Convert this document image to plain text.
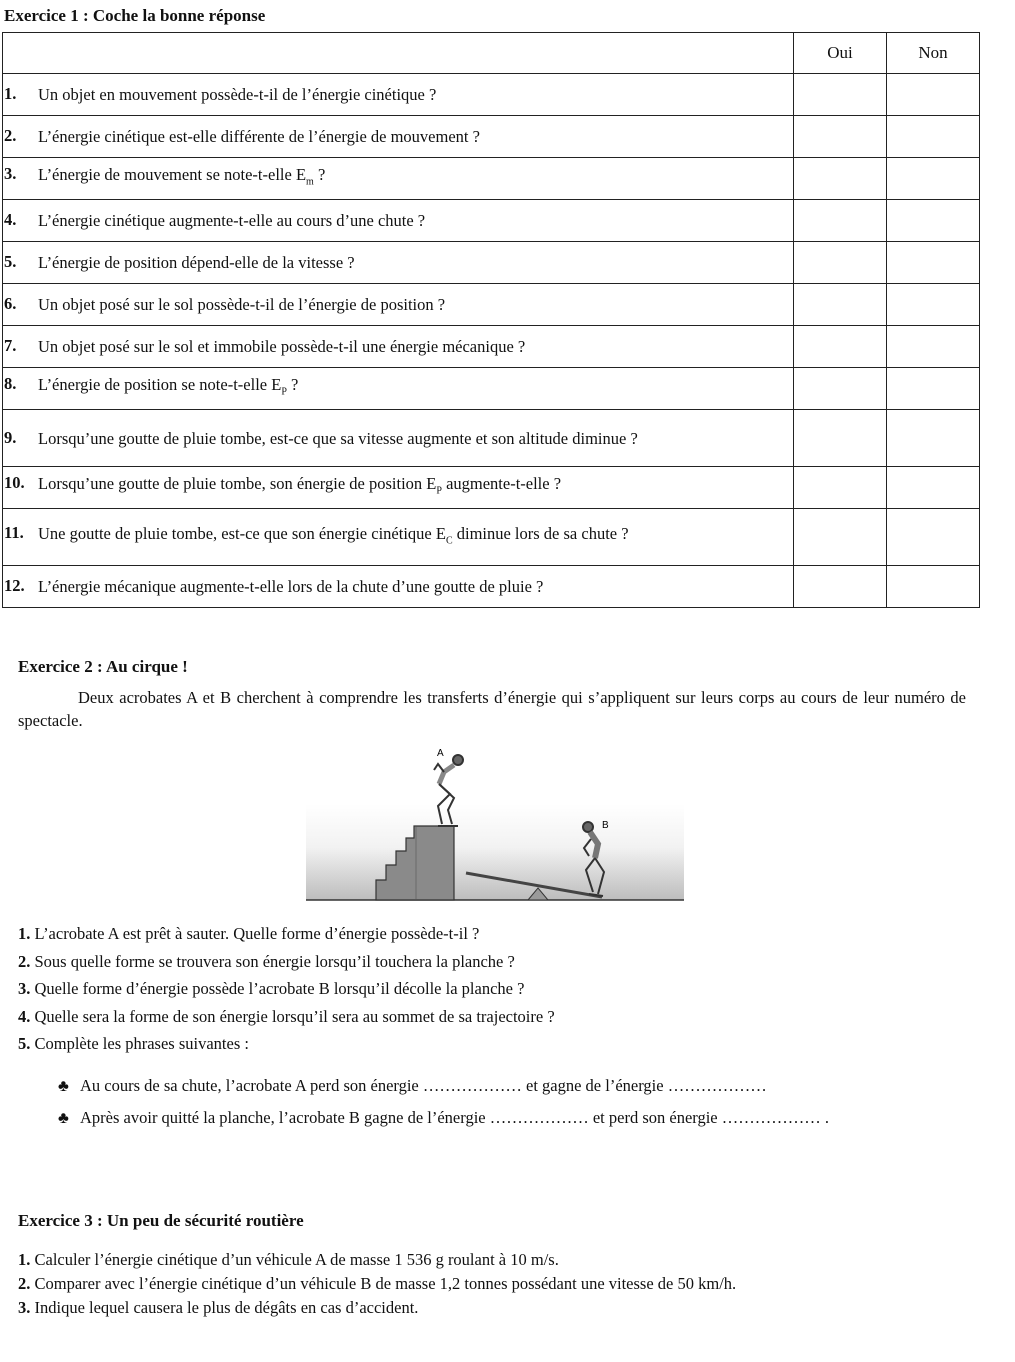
Exercice 1 : Coche la bonne réponse
	Oui	Non

1. Un objet en mouvement possède-t-il de l’énergie cinétique ?		

2. L’énergie cinétique est-elle différente de l’énergie de mouvement ?		

3. L’énergie de mouvement se note-t-elle $E_m$ ?		

4. L’énergie cinétique augmente-t-elle au cours d’une chute ?		

5. L’énergie de position dépend-elle de la vitesse ?		

6. Un objet posé sur le sol possède-t-il de l’énergie de position ?		

7. Un objet posé sur le sol et immobile possède-t-il une énergie mécanique ?		

8. L’énergie de position se note-t-elle $E_P$ ?		

9. Lorsqu’une goutte de pluie tombe, est-ce que sa vitesse augmente et son altitude diminue ?		

10. Lorsqu’une goutte de pluie tombe, son énergie de position $E_P$ augmente-t-elle ?		

11. Une goutte de pluie tombe, est-ce que son énergie cinétique $E_C$ diminue lors de sa chute ?		

12. L’énergie mécanique augmente-t-elle lors de la chute d’une goutte de pluie ?		

Exercice 2 : Au cirque !

Deux acrobates A et B cherchent à comprendre les transferts d’énergie qui s’appliquent sur leurs corps au cours de leur numéro de spectacle.

A
B
1. L’acrobate A est prêt à sauter. Quelle forme d’énergie possède-t-il ?
2. Sous quelle forme se trouvera son énergie lorsqu’il touchera la planche ?
3. Quelle forme d’énergie possède l’acrobate B lorsqu’il décolle la planche ?
4. Quelle sera la forme de son énergie lorsqu’il sera au sommet de sa trajectoire ?
5. Complète les phrases suivantes :

♣ Au cours de sa chute, l’acrobate A perd son énergie ……………… et gagne de l’énergie ………………

♣ Après avoir quitté la planche, l’acrobate B gagne de l’énergie ……………… et perd son énergie ……………… .

Exercice 3 : Un peu de sécurité routière
1. Calculer l’énergie cinétique d’un véhicule A de masse 1 536 g roulant à 10 m/s.
2. Comparer avec l’énergie cinétique d’un véhicule B de masse 1,2 tonnes possédant une vitesse de 50 km/h.
3. Indique lequel causera le plus de dégâts en cas d’accident.
